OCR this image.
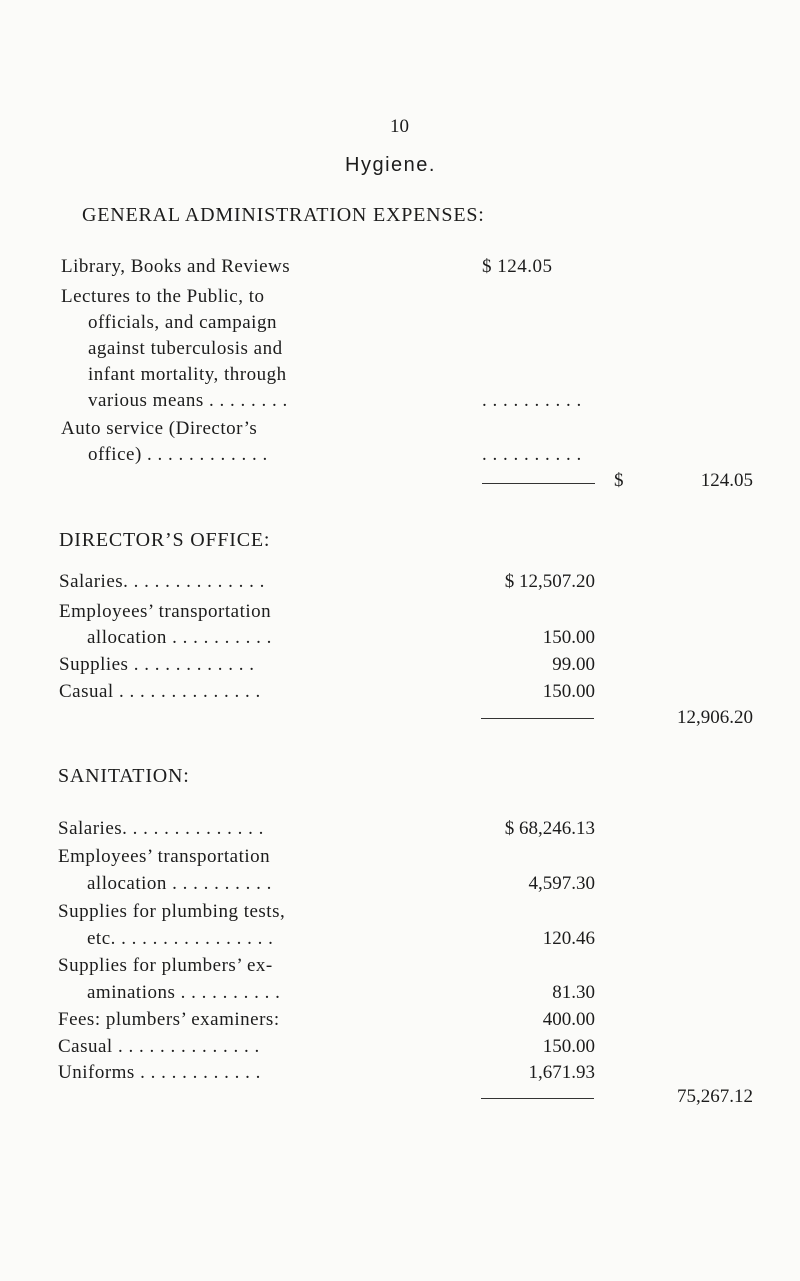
10
Hygiene.
GENERAL ADMINISTRATION EXPENSES:
Library, Books and Reviews
Lectures to the Public, to
officials, and campaign
against tuberculosis and
infant mortality, through
various means . . . . . . . .
Auto service (Director’s
office) . . . . . . . . . . . .
$ 124.05
. . . . . . . . . .
. . . . . . . . . .
$	124.05
DIRECTOR’S OFFICE:
Salaries. . . . . . . . . . . . . .
Employees’ transportation
allocation . . . . . . . . . .
Supplies . . . . . . . . . . . .
Casual . . . . . . . . . . . . . .
$ 12,507.20
150.00
99.00
150.00
12,906.20
SANITATION:
Salaries. . . . . . . . . . . . . .
Employees’ transportation
allocation . . . . . . . . . .
Supplies for plumbing tests,
etc. . . . . . . . . . . . . . . .
Supplies for plumbers’ ex-
aminations . . . . . . . . . .
Fees: plumbers’ examiners:
Casual . . . . . . . . . . . . . .
Uniforms . . . . . . . . . . . .
$ 68,246.13
4,597.30
120.46
81.30
400.00
150.00
1,671.93
75,267.12
